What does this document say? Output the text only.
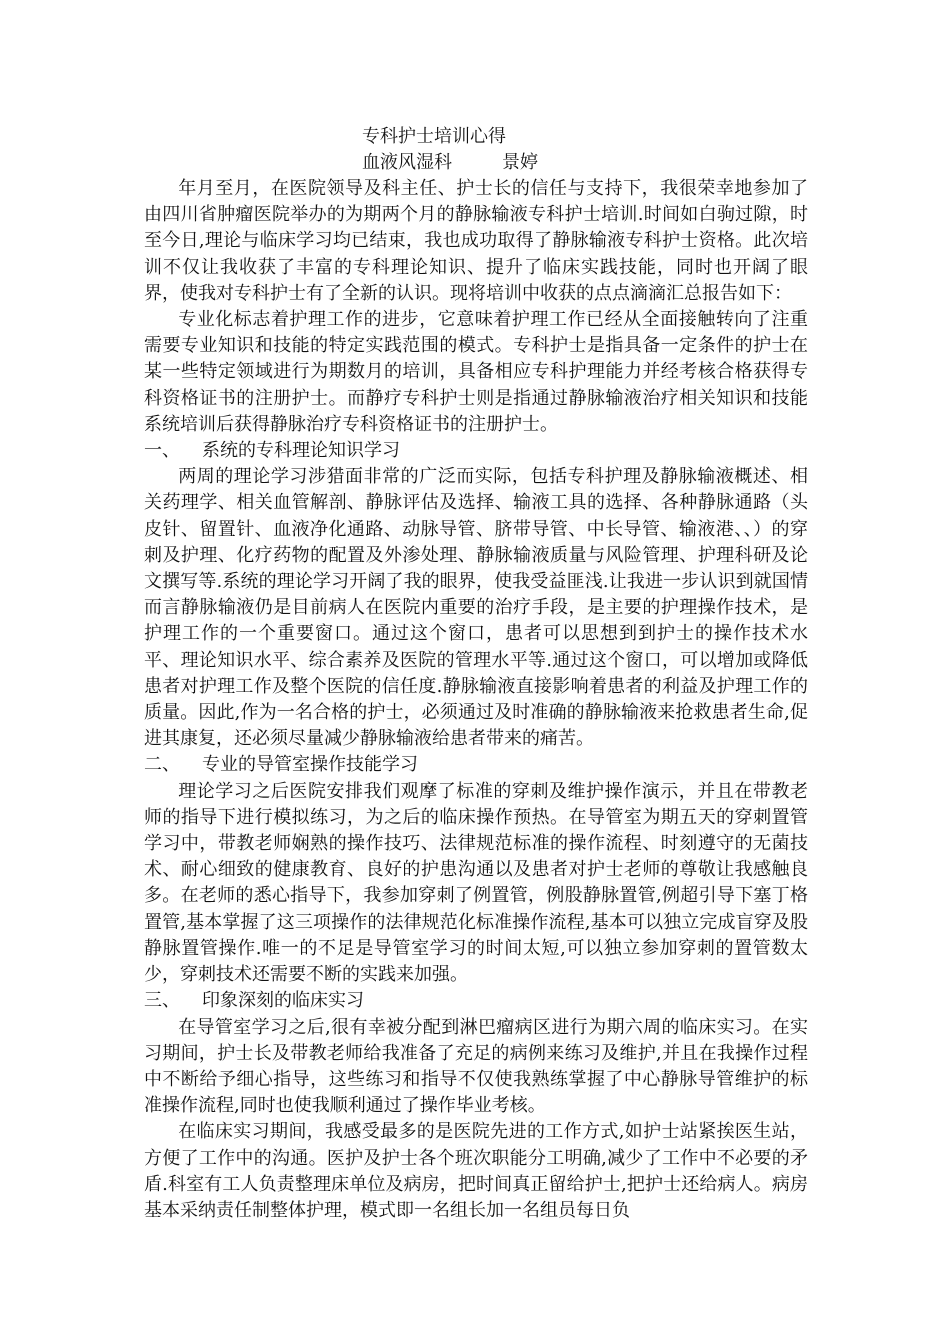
专科护士培训心得
血液风湿科	景婷

年月至月，在医院领导及科主任、护士长的信任与支持下，我很荣幸地参加了由四川省肿瘤医院举办的为期两个月的静脉输液专科护士培训.时间如白驹过隙，时至今日,理论与临床学习均已结束，我也成功取得了静脉输液专科护士资格。此次培训不仅让我收获了丰富的专科理论知识、提升了临床实践技能，同时也开阔了眼界，使我对专科护士有了全新的认识。现将培训中收获的点点滴滴汇总报告如下：

专业化标志着护理工作的进步，它意味着护理工作已经从全面接触转向了注重需要专业知识和技能的特定实践范围的模式。专科护士是指具备一定条件的护士在某一些特定领域进行为期数月的培训，具备相应专科护理能力并经考核合格获得专科资格证书的注册护士。而静疗专科护士则是指通过静脉输液治疗相关知识和技能系统培训后获得静脉治疗专科资格证书的注册护士。

一、 系统的专科理论知识学习

两周的理论学习涉猎面非常的广泛而实际，包括专科护理及静脉输液概述、相关药理学、相关血管解剖、静脉评估及选择、输液工具的选择、各种静脉通路（头皮针、留置针、血液净化通路、动脉导管、脐带导管、中长导管、输液港、、）的穿刺及护理、化疗药物的配置及外渗处理、静脉输液质量与风险管理、护理科研及论文撰写等.系统的理论学习开阔了我的眼界，使我受益匪浅.让我进一步认识到就国情而言静脉输液仍是目前病人在医院内重要的治疗手段，是主要的护理操作技术，是护理工作的一个重要窗口。通过这个窗口，患者可以思想到到护士的操作技术水平、理论知识水平、综合素养及医院的管理水平等.通过这个窗口，可以增加或降低患者对护理工作及整个医院的信任度.静脉输液直接影响着患者的利益及护理工作的质量。因此,作为一名合格的护士，必须通过及时准确的静脉输液来抢救患者生命,促进其康复，还必须尽量减少静脉输液给患者带来的痛苦。

二、 专业的导管室操作技能学习

理论学习之后医院安排我们观摩了标准的穿刺及维护操作演示，并且在带教老师的指导下进行模拟练习，为之后的临床操作预热。在导管室为期五天的穿刺置管学习中，带教老师娴熟的操作技巧、法律规范标准的操作流程、时刻遵守的无菌技术、耐心细致的健康教育、良好的护患沟通以及患者对护士老师的尊敬让我感触良多。在老师的悉心指导下，我参加穿刺了例置管，例股静脉置管,例超引导下塞丁格置管,基本掌握了这三项操作的法律规范化标准操作流程,基本可以独立完成盲穿及股静脉置管操作.唯一的不足是导管室学习的时间太短,可以独立参加穿刺的置管数太少，穿刺技术还需要不断的实践来加强。

三、 印象深刻的临床实习

在导管室学习之后,很有幸被分配到淋巴瘤病区进行为期六周的临床实习。在实习期间，护士长及带教老师给我准备了充足的病例来练习及维护,并且在我操作过程中不断给予细心指导，这些练习和指导不仅使我熟练掌握了中心静脉导管维护的标准操作流程,同时也使我顺利通过了操作毕业考核。

在临床实习期间，我感受最多的是医院先进的工作方式,如护士站紧挨医生站，方便了工作中的沟通。医护及护士各个班次职能分工明确,减少了工作中不必要的矛盾.科室有工人负责整理床单位及病房，把时间真正留给护士,把护士还给病人。病房基本采纳责任制整体护理，模式即一名组长加一名组员每日负
